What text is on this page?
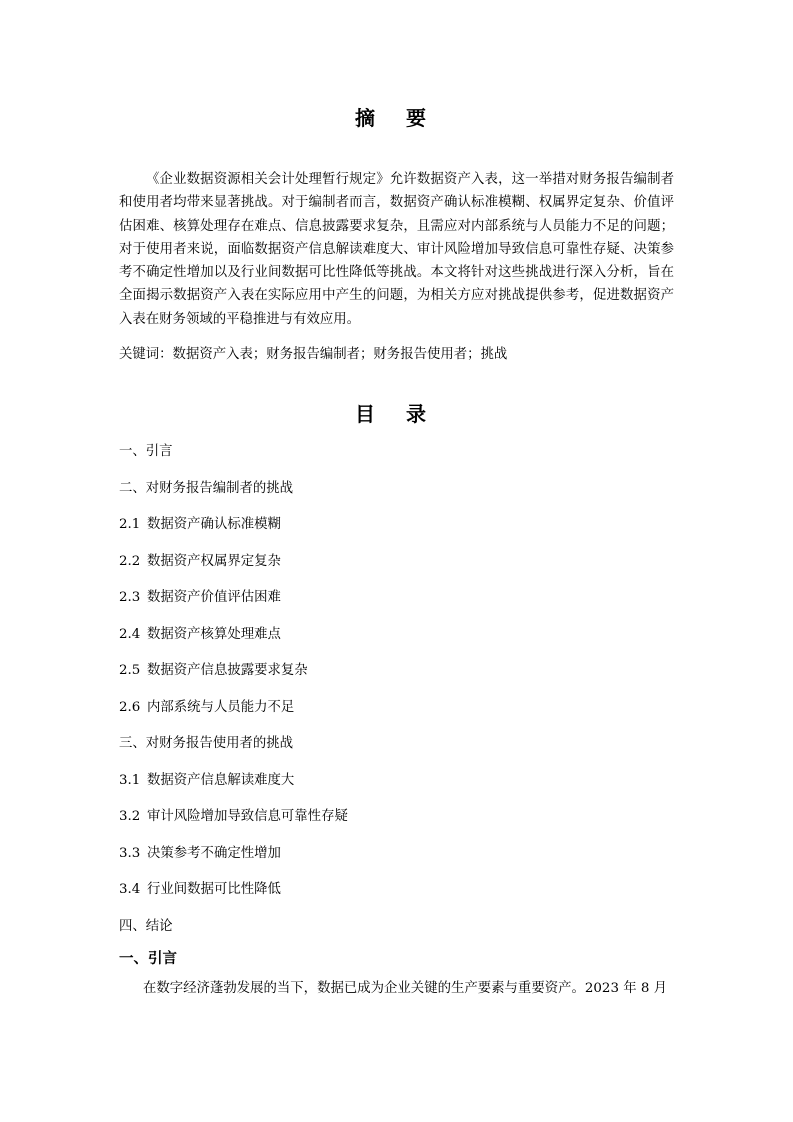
摘 要

《企业数据资源相关会计处理暂行规定》允许数据资产入表，这一举措对财务报告编制者和使用者均带来显著挑战。对于编制者而言，数据资产确认标准模糊、权属界定复杂、价值评估困难、核算处理存在难点、信息披露要求复杂，且需应对内部系统与人员能力不足的问题；对于使用者来说，面临数据资产信息解读难度大、审计风险增加导致信息可靠性存疑、决策参考不确定性增加以及行业间数据可比性降低等挑战。本文将针对这些挑战进行深入分析，旨在全面揭示数据资产入表在实际应用中产生的问题，为相关方应对挑战提供参考，促进数据资产入表在财务领域的平稳推进与有效应用。

关键词：数据资产入表；财务报告编制者；财务报告使用者；挑战

目 录
一、引言
二、对财务报告编制者的挑战
2.1 数据资产确认标准模糊
2.2 数据资产权属界定复杂
2.3 数据资产价值评估困难
2.4 数据资产核算处理难点
2.5 数据资产信息披露要求复杂
2.6 内部系统与人员能力不足
三、对财务报告使用者的挑战
3.1 数据资产信息解读难度大
3.2 审计风险增加导致信息可靠性存疑
3.3 决策参考不确定性增加
3.4 行业间数据可比性降低
四、结论
一、引言

在数字经济蓬勃发展的当下，数据已成为企业关键的生产要素与重要资产。2023 年 8 月
